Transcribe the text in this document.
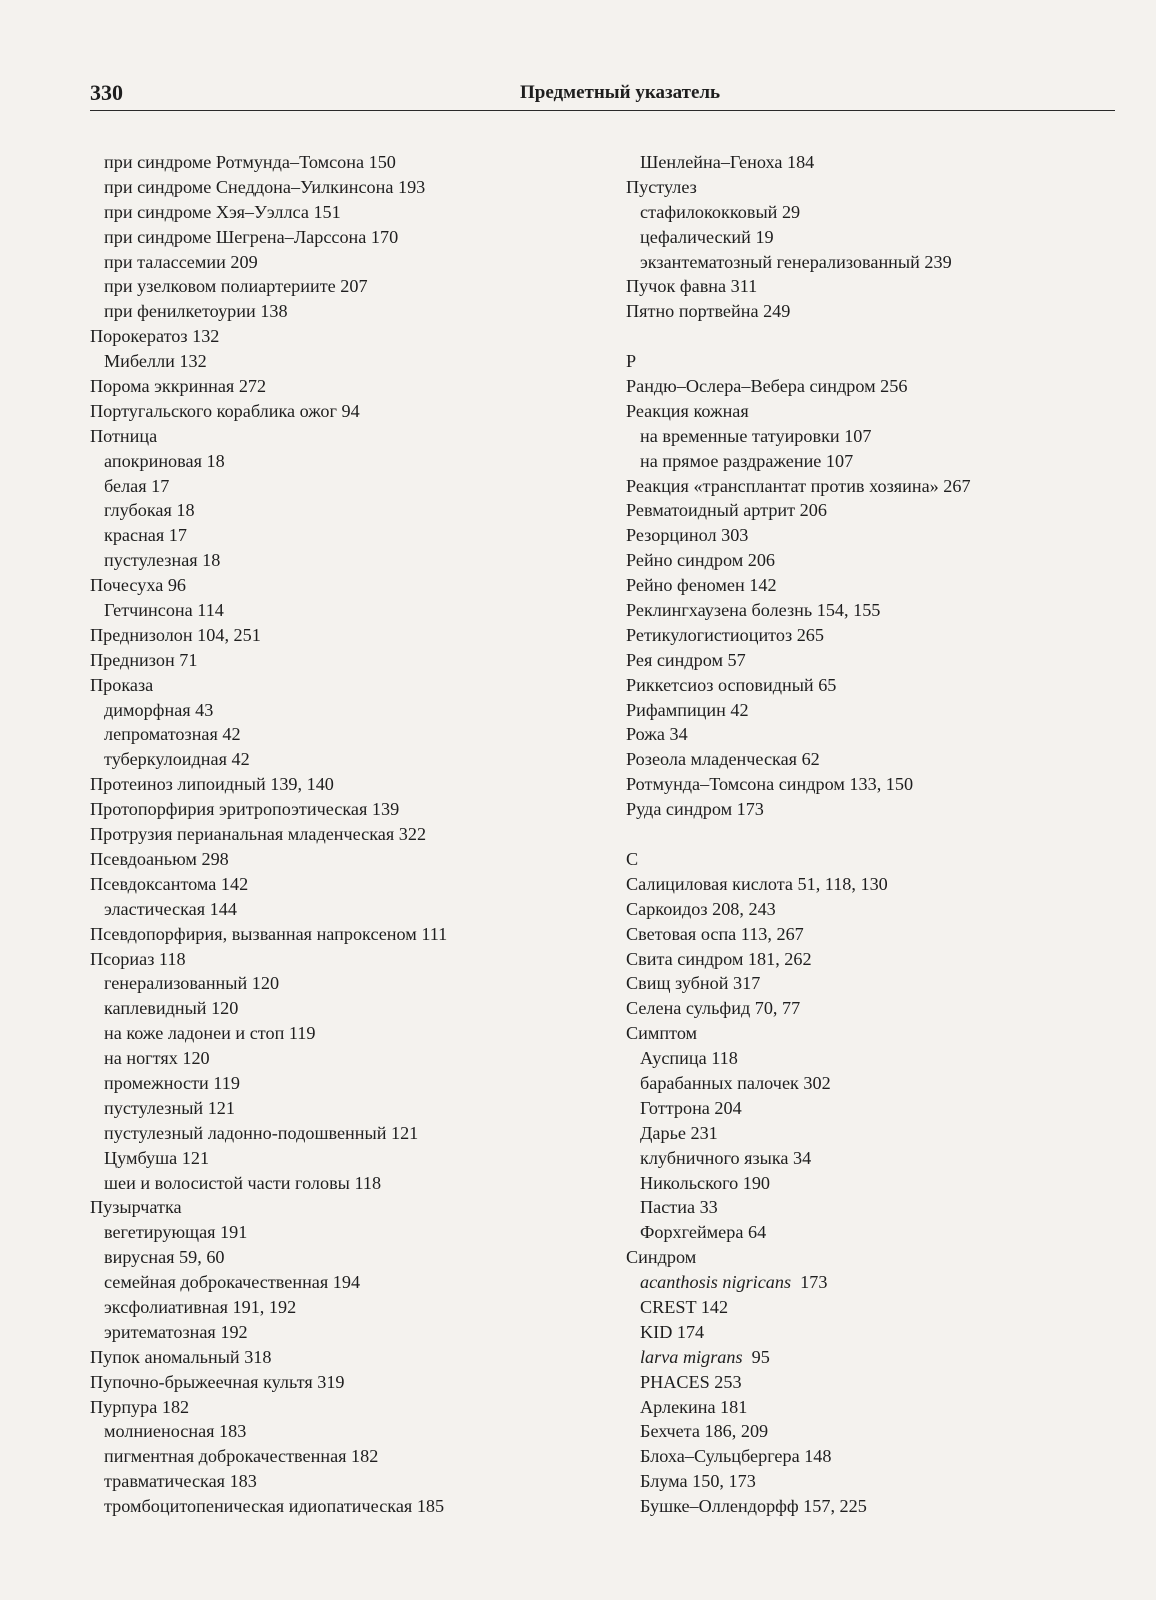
330	Предметный указатель
при синдроме Ротмунда–Томсона 150
при синдроме Снеддона–Уилкинсона 193
при синдроме Хэя–Уэллса 151
при синдроме Шегрена–Ларссона 170
при таласcемии 209
при узелковом полиартериите 207
при фенилкетоурии 138
Порокератоз 132
Мибелли 132
Порома эккринная 272
Португальского кораблика ожог 94
Потница
апокриновая 18
белая 17
глубокая 18
красная 17
пустулезная 18
Почесуха 96
Гетчинсона 114
Преднизолон 104, 251
Преднизон 71
Проказа
диморфная 43
лепроматозная 42
туберкулоидная 42
Протеиноз липоидный 139, 140
Протопорфирия эритропоэтическая 139
Протрузия перианальная младенческая 322
Псевдоаньюм 298
Псевдоксантома 142
эластическая 144
Псевдопорфирия, вызванная напроксеном 111
Псориаз 118
генерализованный 120
каплевидный 120
на коже ладонеи и стоп 119
на ногтях 120
промежности 119
пустулезный 121
пустулезный ладонно-подошвенный 121
Цумбуша 121
шеи и волосистой части головы 118
Пузырчатка
вегетирующая 191
вирусная 59, 60
семейная доброкачественная 194
эксфолиативная 191, 192
эритематозная 192
Пупок аномальный 318
Пупочно-брыжеечная культя 319
Пурпура 182
молниеносная 183
пигментная доброкачественная 182
травматическая 183
тромбоцитопеническая идиопатическая 185
Шенлейна–Геноха 184
Пустулез
стафилококковый 29
цефалический 19
экзантематозный генерализованный 239
Пучок фавна 311
Пятно портвейна 249
Р
Рандю–Ослера–Вебера синдром 256
Реакция кожная
на временные татуировки 107
на прямое раздражение 107
Реакция «трансплантат против хозяина» 267
Ревматоидный артрит 206
Резорцинол 303
Рейно синдром 206
Рейно феномен 142
Реклингхаузена болезнь 154, 155
Ретикулогистиоцитоз 265
Рея синдром 57
Риккетсиоз осповидный 65
Рифампицин 42
Рожа 34
Розеола младенческая 62
Ротмунда–Томсона синдром 133, 150
Руда синдром 173
С
Салициловая кислота 51, 118, 130
Саркоидоз 208, 243
Световая оспа 113, 267
Свита синдром 181, 262
Свищ зубной 317
Селена сульфид 70, 77
Симптом
Аусп‍ица 118
барабанных палочек 302
Готтрона 204
Дарье 231
клубничного языка 34
Никольского 190
Пастиа 33
Форхгеймера 64
Синдром
acanthosis nigricans  173
CREST 142
KID 174
larva migrans  95
PHACES 253
Арлекина 181
Бехчета 186, 209
Блоха–Сульцбергера 148
Блума 150, 173
Бушке–Оллендорфф 157, 225
